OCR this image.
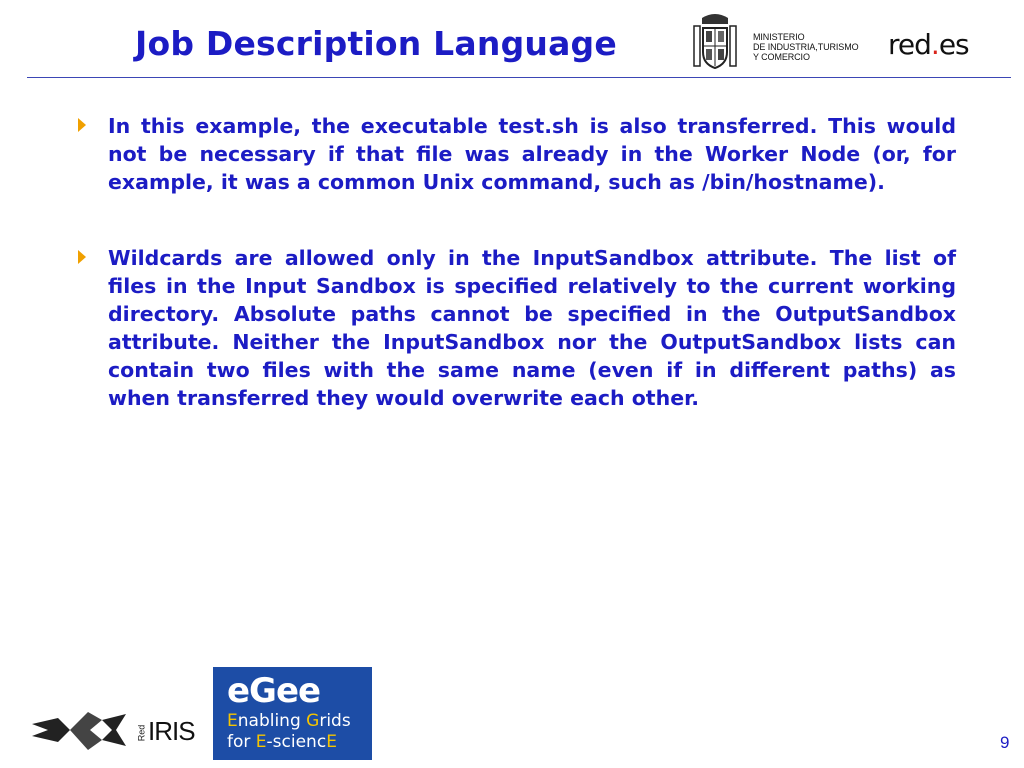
Job Description Language	MINISTERIO
DE INDUSTRIA,TURISMO
Y COMERCIO	red.es
In this example, the executable test.sh is also transferred. This would not be necessary if that file was already in the Worker Node (or, for example, it was a common Unix command, such as /bin/hostname).
Wildcards are allowed only in the InputSandbox attribute. The list of files in the Input Sandbox is specified relatively to the current working directory. Absolute paths cannot be specified in the OutputSandbox attribute. Neither the InputSandbox nor the OutputSandbox lists can contain two files with the same name (even if in different paths) as when transferred they would overwrite each other.
Red IRIS
eGee
Enabling Grids
for E-sciencE	9
